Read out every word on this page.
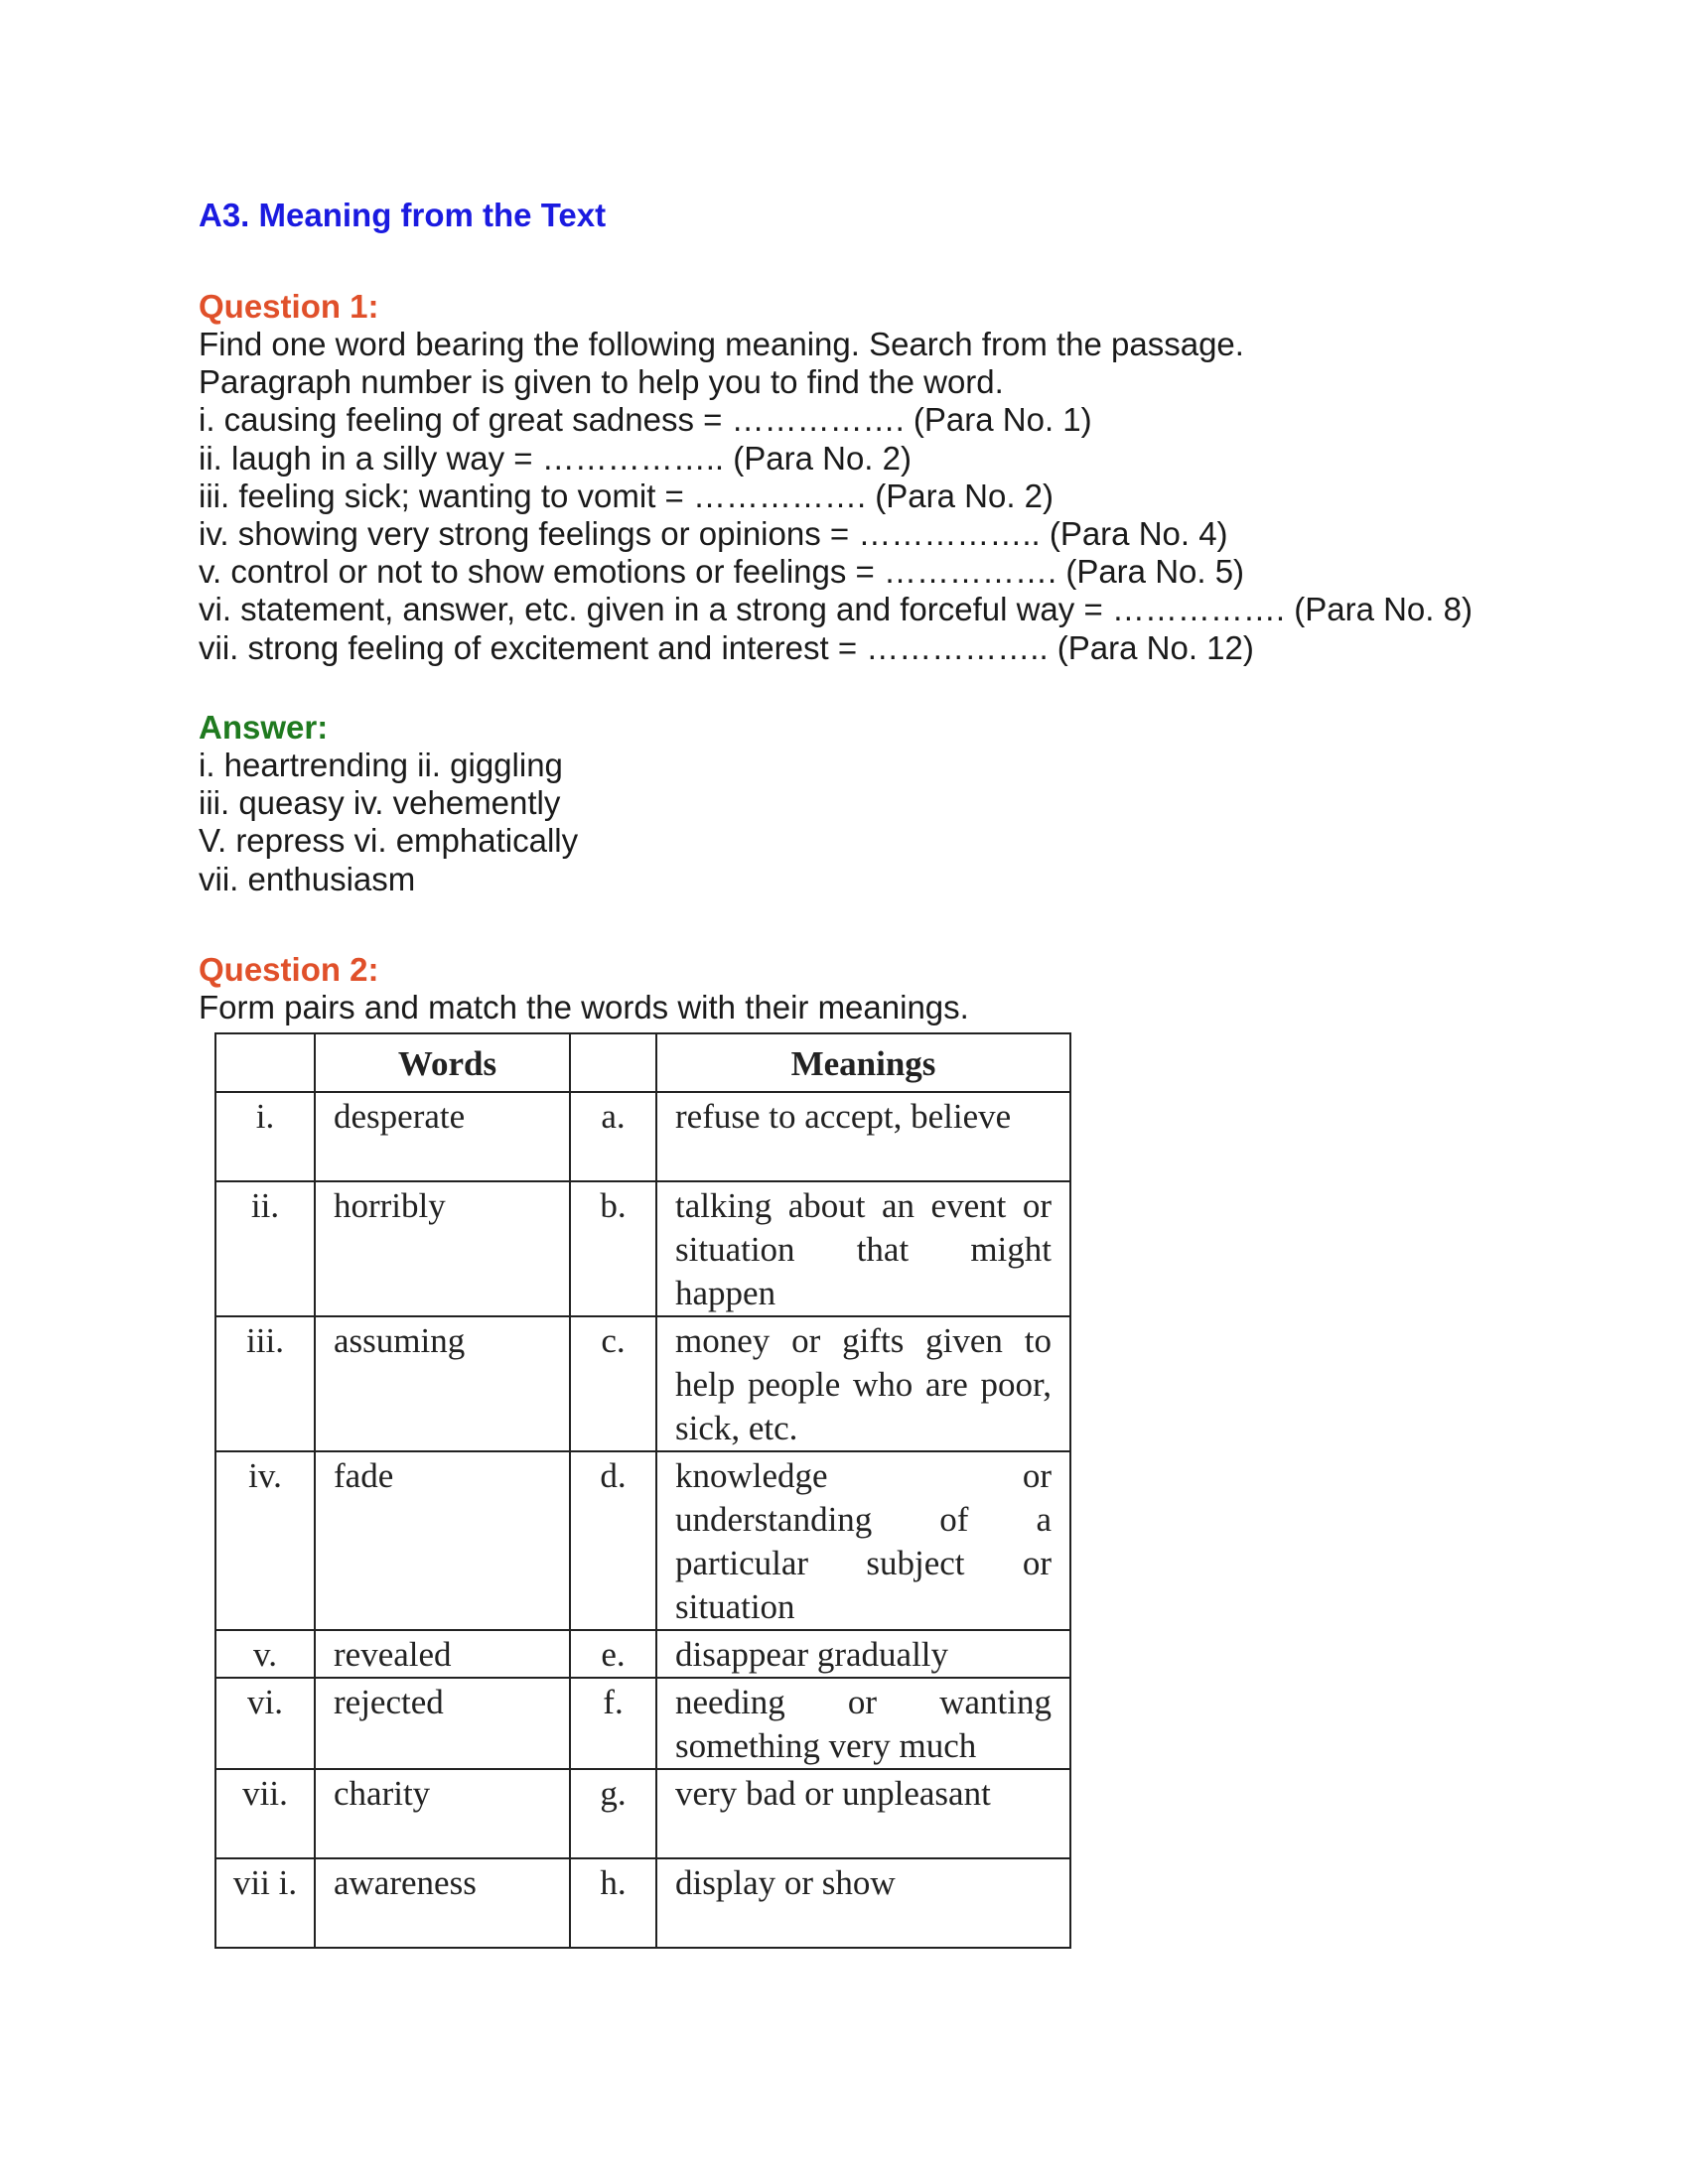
A3. Meaning from the Text
Question 1:
Find one word bearing the following meaning. Search from the passage.
Paragraph number is given to help you to find the word.
i. causing feeling of great sadness = ……………. (Para No. 1)
ii. laugh in a silly way = …………….. (Para No. 2)
iii. feeling sick; wanting to vomit = ……………. (Para No. 2)
iv. showing very strong feelings or opinions = …………….. (Para No. 4)
v. control or not to show emotions or feelings = ……………. (Para No. 5)
vi. statement, answer, etc. given in a strong and forceful way = ……………. (Para No. 8)
vii. strong feeling of excitement and interest = …………….. (Para No. 12)
Answer:
i. heartrending ii. giggling
iii. queasy iv. vehemently
V. repress vi. emphatically
vii. enthusiasm
Question 2:
Form pairs and match the words with their meanings.
	Words		Meanings
i.	desperate	a.	refuse to accept, believe
ii.	horribly	b.	talking about an event or situation that might happen
iii.	assuming	c.	money or gifts given to help people who are poor, sick, etc.
iv.	fade	d.	knowledge or understanding of a particular subject or situation
v.	revealed	e.	disappear gradually
vi.	rejected	f.	needing or wanting something very much
vii.	charity	g.	very bad or unpleasant
vii i.	awareness	h.	display or show
